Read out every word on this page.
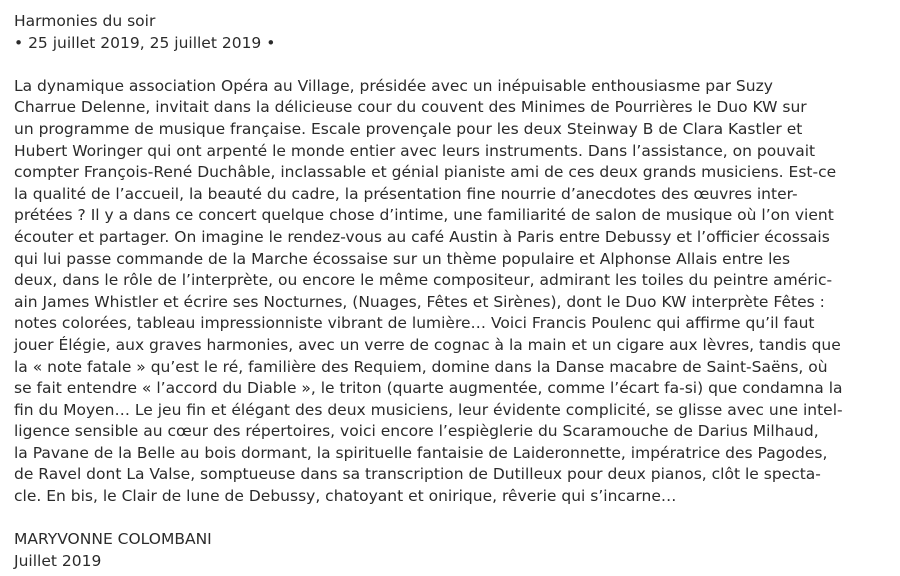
Harmonies du soir
• 25 juillet 2019, 25 juillet 2019 •
La dynamique association Opéra au Village, présidée avec un inépuisable enthousiasme par Suzy
Charrue Delenne, invitait dans la délicieuse cour du couvent des Minimes de Pourrières le Duo KW sur
un programme de musique française. Escale provençale pour les deux Steinway B de Clara Kastler et
Hubert Woringer qui ont arpenté le monde entier avec leurs instruments. Dans l’assistance, on pouvait
compter François-René Duchâble, inclassable et génial pianiste ami de ces deux grands musiciens. Est-ce
la qualité de l’accueil, la beauté du cadre, la présentation fine nourrie d’anecdotes des œuvres inter-
prétées ? Il y a dans ce concert quelque chose d’intime, une familiarité de salon de musique où l’on vient
écouter et partager. On imagine le rendez-vous au café Austin à Paris entre Debussy et l’officier écossais
qui lui passe commande de la Marche écossaise sur un thème populaire et Alphonse Allais entre les
deux, dans le rôle de l’interprète, ou encore le même compositeur, admirant les toiles du peintre améric-
ain James Whistler et écrire ses Nocturnes, (Nuages, Fêtes et Sirènes), dont le Duo KW interprète Fêtes :
notes colorées, tableau impressionniste vibrant de lumière… Voici Francis Poulenc qui affirme qu’il faut
jouer Élégie, aux graves harmonies, avec un verre de cognac à la main et un cigare aux lèvres, tandis que
la « note fatale » qu’est le ré, familière des Requiem, domine dans la Danse macabre de Saint-Saëns, où
se fait entendre « l’accord du Diable », le triton (quarte augmentée, comme l’écart fa-si) que condamna la
fin du Moyen… Le jeu fin et élégant des deux musiciens, leur évidente complicité, se glisse avec une intel-
ligence sensible au cœur des répertoires, voici encore l’espièglerie du Scaramouche de Darius Milhaud,
la Pavane de la Belle au bois dormant, la spirituelle fantaisie de Laideronnette, impératrice des Pagodes,
de Ravel dont La Valse, somptueuse dans sa transcription de Dutilleux pour deux pianos, clôt le specta-
cle. En bis, le Clair de lune de Debussy, chatoyant et onirique, rêverie qui s’incarne…
MARYVONNE COLOMBANI
Juillet 2019
